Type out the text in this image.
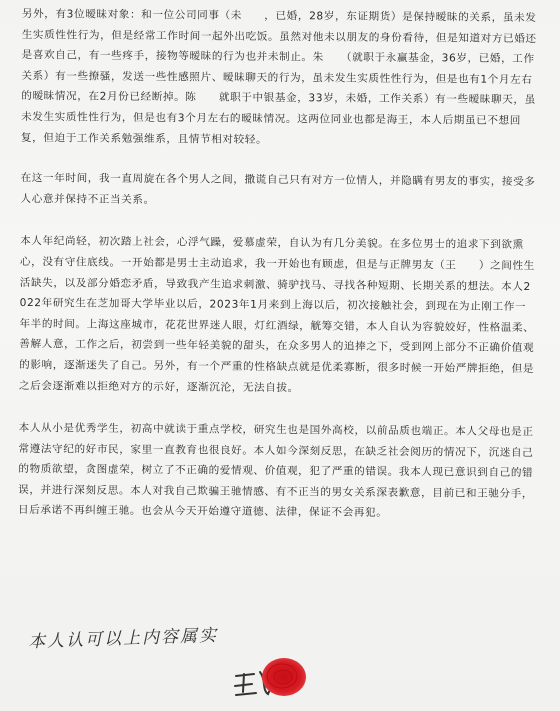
另外，有3位暧昧对象：和一位公司同事（未　　，已婚，28岁，东证期货）是保持暧昧的关系，虽未发生实质性性行为，但是经常工作时间一起外出吃饭。虽然对他未以朋友的身份看待，但是知道对方已婚还是喜欢自己，有一些疼手，接物等暧昧的行为也并未制止。朱　　（就职于永赢基金，36岁，已婚，工作关系）有一些撩骚，发送一些性感照片、暧昧聊天的行为，虽未发生实质性性行为，但是也有1个月左右的暧昧情况，在2月份已经断掉。陈　　就职于中银基金，33岁，未婚，工作关系）有一些暧昧聊天，虽未发生实质性性行为，但是也有3个月左右的暧昧情况。这两位同业也都是海王，本人后期虽已不想回复，但迫于工作关系勉强维系，且情节相对较轻。

在这一年时间，我一直周旋在各个男人之间，撒谎自己只有对方一位情人，并隐瞒有男友的事实，接受多人心意并保持不正当关系。

本人年纪尚轻，初次踏上社会，心浮气躁，爱慕虚荣，自认为有几分美貌。在多位男士的追求下到欲熏心，没有守住底线。一开始都是男士主动追求，我一开始也有顾虑，但是与正牌男友（王　　）之间性生活缺失，以及部分婚恋矛盾，导致我产生追求刺激、骑驴找马、寻找各种短期、长期关系的想法。本人2022年研究生在芝加哥大学毕业以后，2023年1月来到上海以后，初次接触社会，到现在为止刚工作一年半的时间。上海这座城市，花花世界迷人眼，灯红酒绿，觥筹交错，本人自认为容貌姣好，性格温柔、善解人意，工作之后，初尝到一些年轻美貌的甜头，在众多男人的追捧之下，受到网上部分不正确价值观的影响，逐渐迷失了自己。另外，有一个严重的性格缺点就是优柔寡断，很多时候一开始严牌拒绝，但是之后会逐渐难以拒绝对方的示好，逐渐沉沦，无法自拔。

本人从小是优秀学生，初高中就读于重点学校，研究生也是国外高校，以前品质也端正。本人父母也是正常遵法守纪的好市民，家里一直教育也很良好。本人如今深刻反思，在缺乏社会阅历的情况下，沉迷自己的物质欲望，贪图虚荣，树立了不正确的爱情观、价值观，犯了严重的错误。我本人现已意识到自己的错误，并进行深刻反思。本人对我自己欺骗王驰情感、有不正当的男女关系深表歉意，目前已和王驰分手，日后承诺不再纠缠王驰。也会从今天开始遵守道德、法律，保证不会再犯。

本人认可以上内容属实
